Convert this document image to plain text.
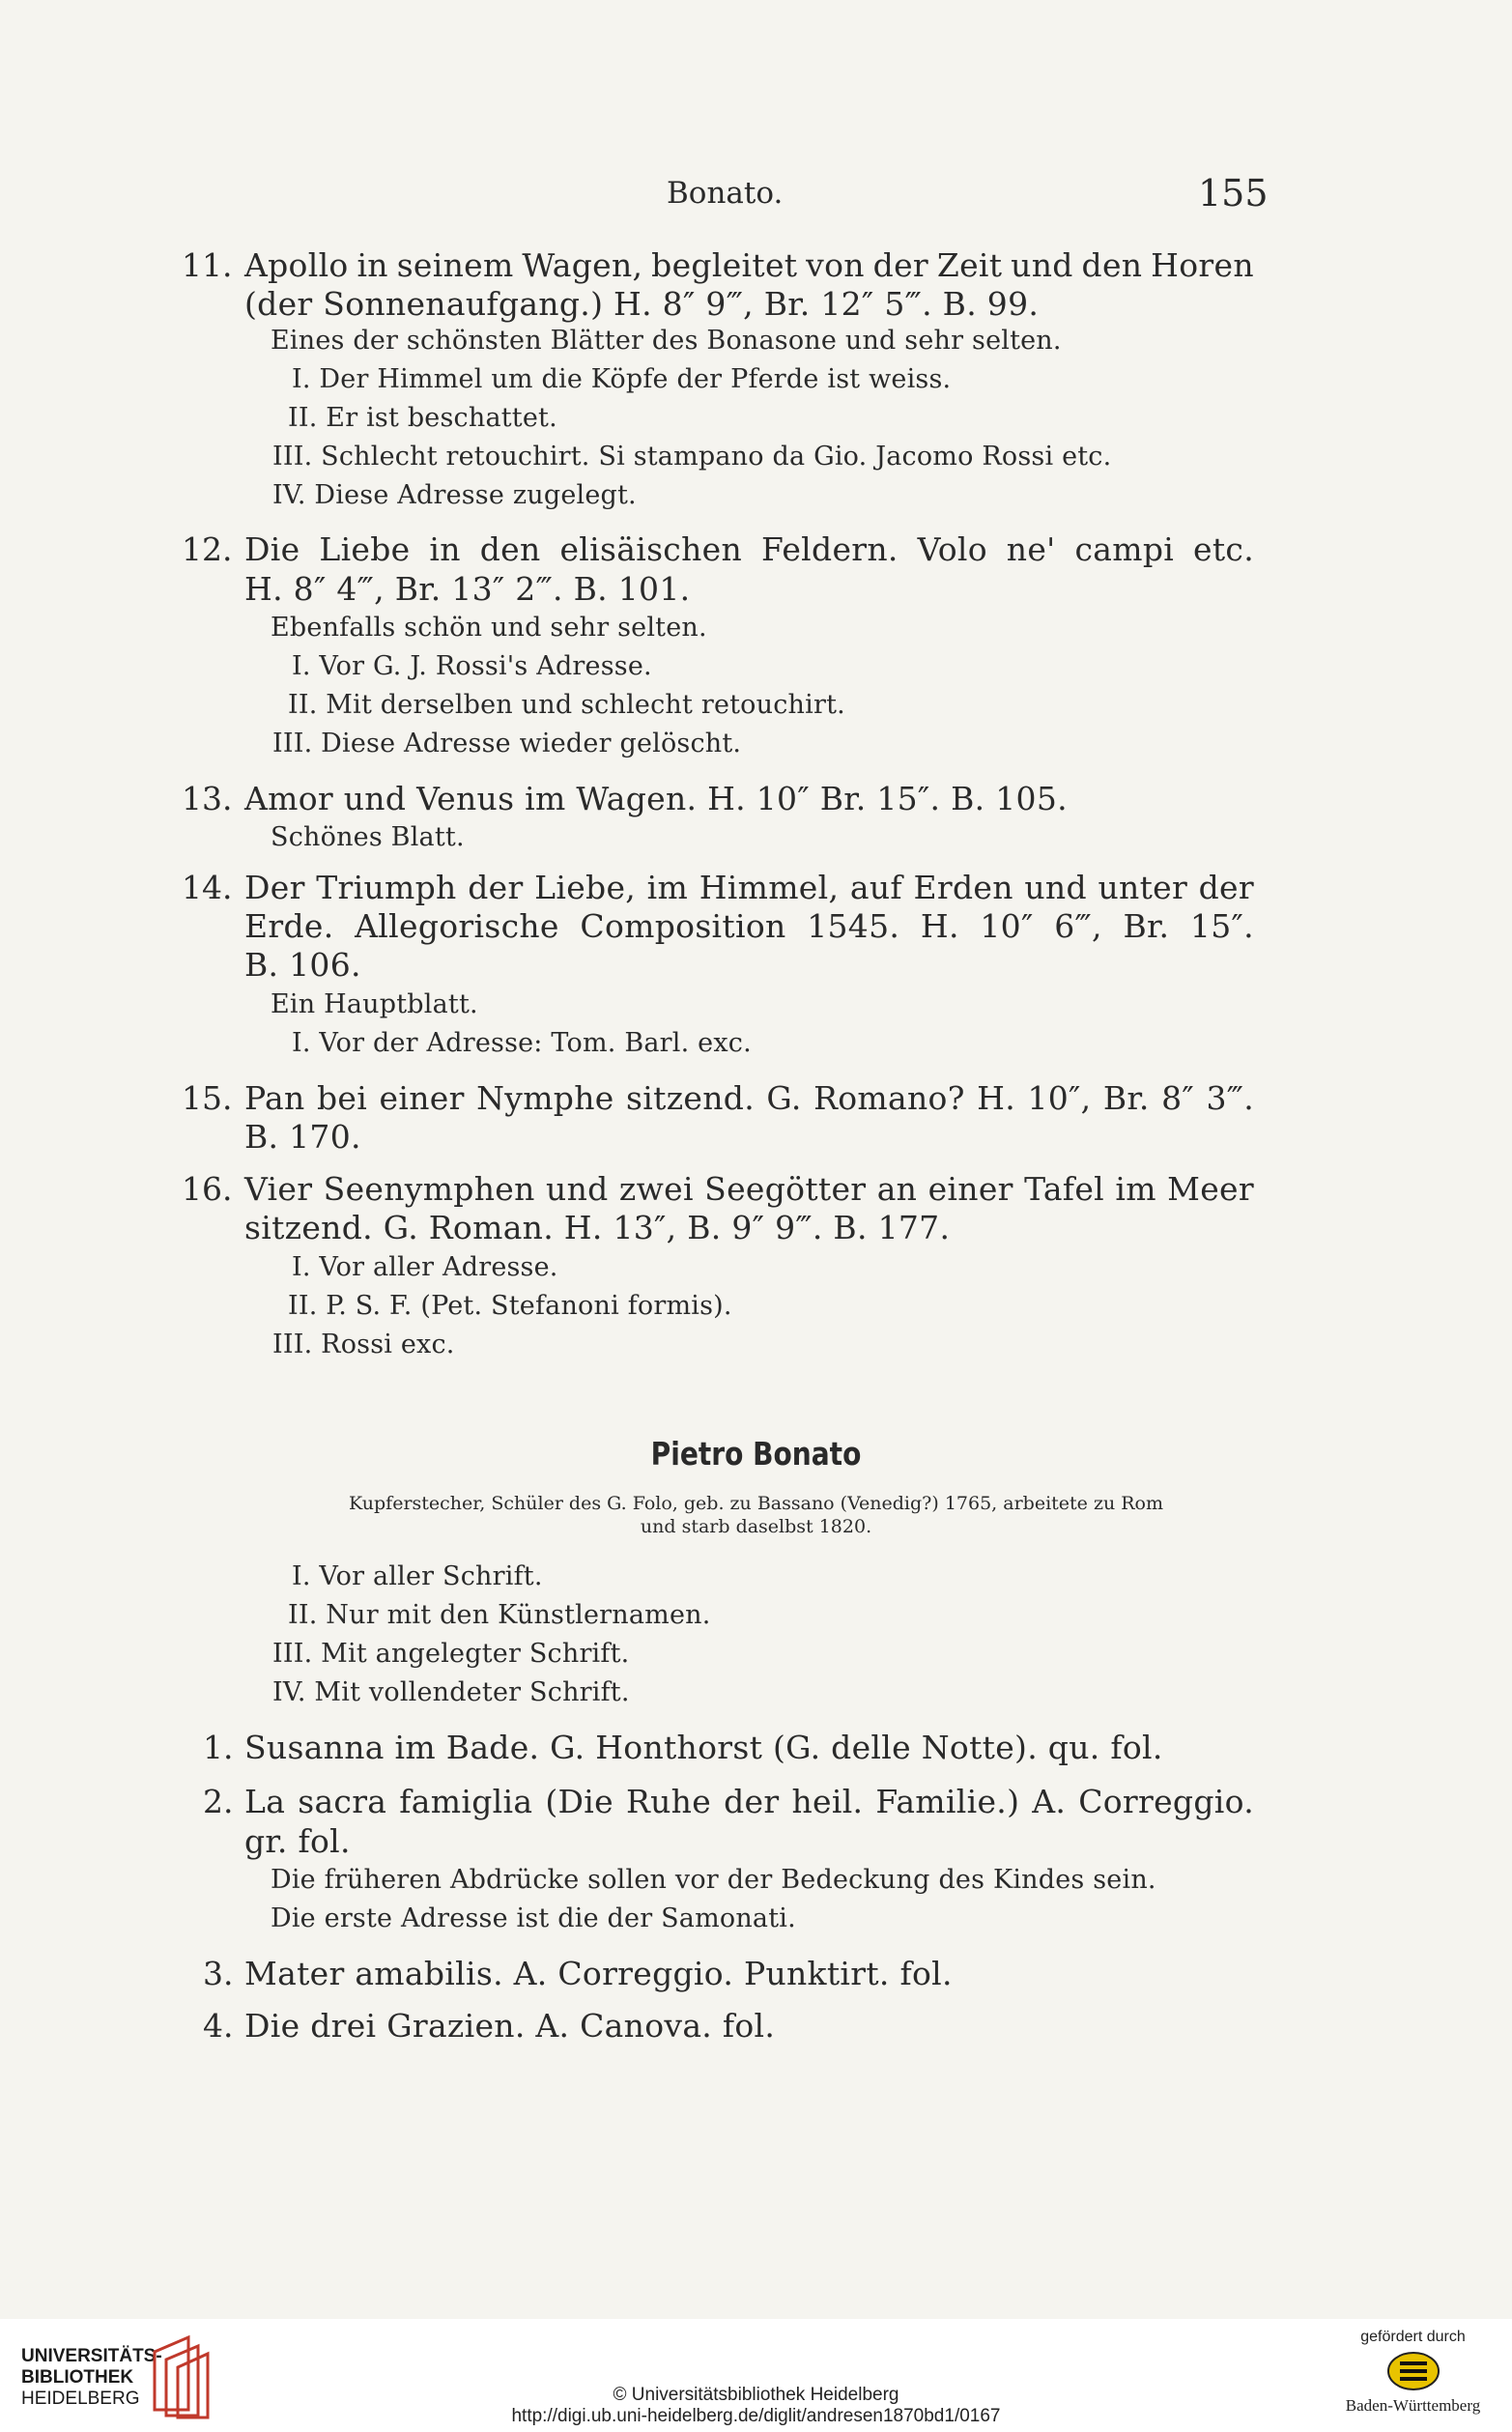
Bonato.	155
11. Apollo in seinem Wagen, begleitet von der Zeit und den Horen
(der Sonnenaufgang.) H. 8″ 9‴, Br. 12″ 5‴. B. 99.
Eines der schönsten Blätter des Bonasone und sehr selten.
I. Der Himmel um die Köpfe der Pferde ist weiss.
II. Er ist beschattet.
III. Schlecht retouchirt. Si stampano da Gio. Jacomo Rossi etc.
IV. Diese Adresse zugelegt.
12. Die Liebe in den elisäischen Feldern. Volo ne' campi etc.
H. 8″ 4‴, Br. 13″ 2‴. B. 101.
Ebenfalls schön und sehr selten.
I. Vor G. J. Rossi's Adresse.
II. Mit derselben und schlecht retouchirt.
III. Diese Adresse wieder gelöscht.
13. Amor und Venus im Wagen. H. 10″ Br. 15″. B. 105.
Schönes Blatt.
14. Der Triumph der Liebe, im Himmel, auf Erden und unter der
Erde. Allegorische Composition 1545. H. 10″ 6‴, Br. 15″.
B. 106.
Ein Hauptblatt.
I. Vor der Adresse: Tom. Barl. exc.
15. Pan bei einer Nymphe sitzend. G. Romano? H. 10″, Br. 8″ 3‴.
B. 170.
16. Vier Seenymphen und zwei Seegötter an einer Tafel im Meer
sitzend. G. Roman. H. 13″, B. 9″ 9‴. B. 177.
I. Vor aller Adresse.
II. P. S. F. (Pet. Stefanoni formis).
III. Rossi exc.
Pietro Bonato
Kupferstecher, Schüler des G. Folo, geb. zu Bassano (Venedig?) 1765, arbeitete zu Rom
und starb daselbst 1820.
I. Vor aller Schrift.
II. Nur mit den Künstlernamen.
III. Mit angelegter Schrift.
IV. Mit vollendeter Schrift.
1. Susanna im Bade. G. Honthorst (G. delle Notte). qu. fol.
2. La sacra famiglia (Die Ruhe der heil. Familie.) A. Correggio.
gr. fol.
Die früheren Abdrücke sollen vor der Bedeckung des Kindes sein.
Die erste Adresse ist die der Samonati.
3. Mater amabilis. A. Correggio. Punktirt. fol.
4. Die drei Grazien. A. Canova. fol.
UNIVERSITÄTS-
BIBLIOTHEK
HEIDELBERG	© Universitätsbibliothek Heidelberg
http://digi.ub.uni-heidelberg.de/diglit/andresen1870bd1/0167
gefördert durch
Baden-Württemberg
